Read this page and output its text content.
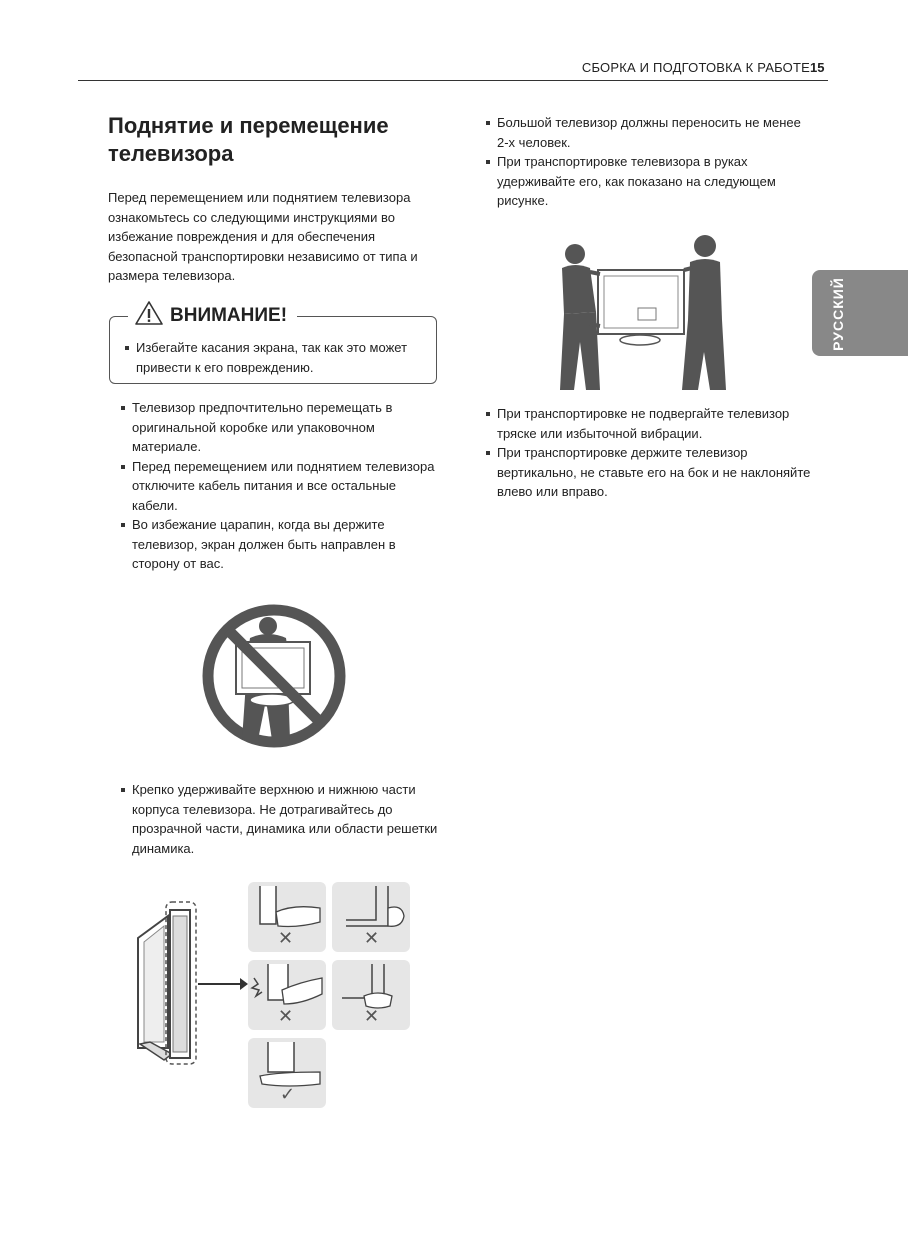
СБОРКА И ПОДГОТОВКА К РАБОТЕ 15
РУССКИЙ
Поднятие и перемещение телевизора
Перед перемещением или поднятием телевизора ознакомьтесь со следующими инструкциями во избежание повреждения и для обеспечения безопасной транспортировки независимо от типа и размера телевизора.
ВНИМАНИЕ!
Избегайте касания экрана, так как это может привести к его повреждению.
Телевизор предпочтительно перемещать в оригинальной коробке или упаковочном материале.
Перед перемещением или поднятием телевизора отключите кабель питания и все остальные кабели.
Во избежание царапин, когда вы держите телевизор, экран должен быть направлен в сторону от вас.
Крепко удерживайте верхнюю и нижнюю части корпуса телевизора. Не дотрагивайтесь до прозрачной части, динамика или области решетки динамика.
✕	✕
✕	✕
✓
Большой телевизор должны переносить не менее 2-х человек.
При транспортировке телевизора в руках удерживайте его, как показано на следующем рисунке.
При транспортировке не подвергайте телевизор тряске или избыточной вибрации.
При транспортировке держите телевизор вертикально, не ставьте его на бок и не наклоняйте влево или вправо.
